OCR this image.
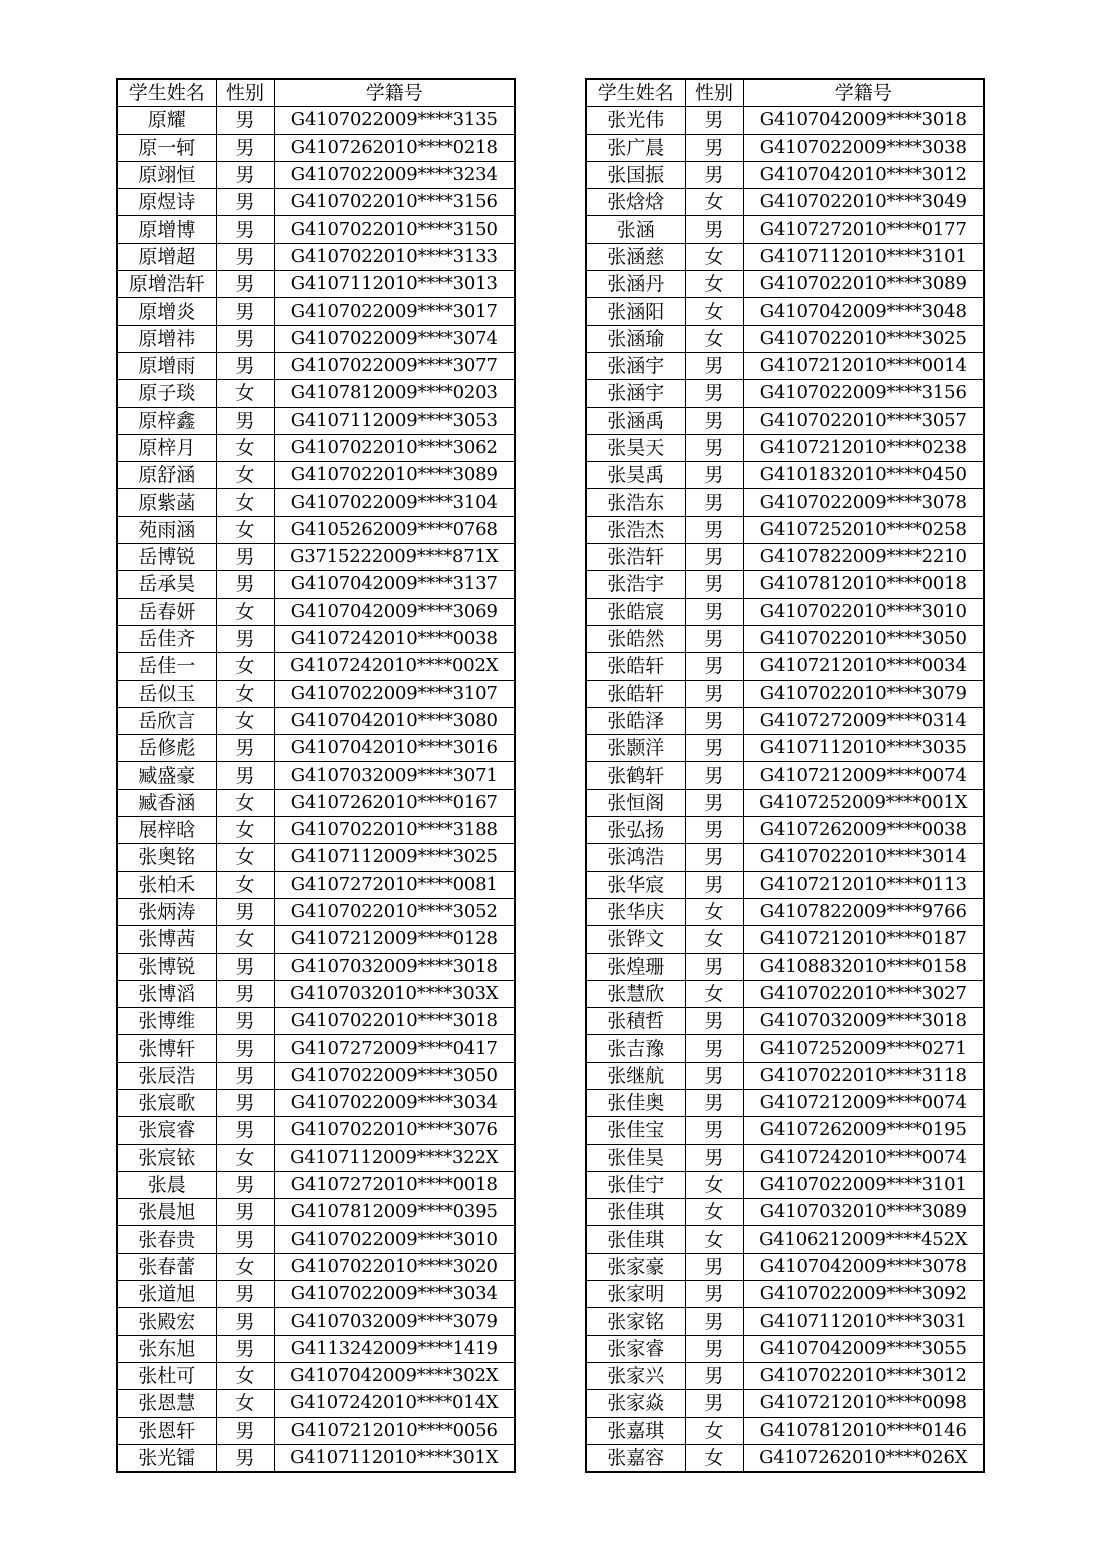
学生姓名	性别	学籍号
原耀	男	G4107022009****3135
原一轲	男	G4107262010****0218
原翊恒	男	G4107022009****3234
原煜诗	男	G4107022010****3156
原增博	男	G4107022010****3150
原增超	男	G4107022010****3133
原增浩轩	男	G4107112010****3013
原增炎	男	G4107022009****3017
原增祎	男	G4107022009****3074
原增雨	男	G4107022009****3077
原子琰	女	G4107812009****0203
原梓鑫	男	G4107112009****3053
原梓月	女	G4107022010****3062
原舒涵	女	G4107022010****3089
原紫菡	女	G4107022009****3104
苑雨涵	女	G4105262009****0768
岳博锐	男	G3715222009****871X
岳承昊	男	G4107042009****3137
岳春妍	女	G4107042009****3069
岳佳齐	男	G4107242010****0038
岳佳一	女	G4107242010****002X
岳似玉	女	G4107022009****3107
岳欣言	女	G4107042010****3080
岳修彪	男	G4107042010****3016
臧盛豪	男	G4107032009****3071
臧香涵	女	G4107262010****0167
展梓晗	女	G4107022010****3188
张奥铭	女	G4107112009****3025
张柏禾	女	G4107272010****0081
张炳涛	男	G4107022010****3052
张博茜	女	G4107212009****0128
张博锐	男	G4107032009****3018
张博滔	男	G4107032010****303X
张博维	男	G4107022010****3018
张博轩	男	G4107272009****0417
张辰浩	男	G4107022009****3050
张宸歌	男	G4107022009****3034
张宸睿	男	G4107022010****3076
张宸铱	女	G4107112009****322X
张晨	男	G4107272010****0018
张晨旭	男	G4107812009****0395
张春贵	男	G4107022009****3010
张春蕾	女	G4107022010****3020
张道旭	男	G4107022009****3034
张殿宏	男	G4107032009****3079
张东旭	男	G4113242009****1419
张杜可	女	G4107042009****302X
张恩慧	女	G4107242010****014X
张恩轩	男	G4107212010****0056
张光镭	男	G4107112010****301X
学生姓名	性别	学籍号
张光伟	男	G4107042009****3018
张广晨	男	G4107022009****3038
张国振	男	G4107042010****3012
张焓焓	女	G4107022010****3049
张涵	男	G4107272010****0177
张涵慈	女	G4107112010****3101
张涵丹	女	G4107022010****3089
张涵阳	女	G4107042009****3048
张涵瑜	女	G4107022010****3025
张涵宇	男	G4107212010****0014
张涵宇	男	G4107022009****3156
张涵禹	男	G4107022010****3057
张昊天	男	G4107212010****0238
张昊禹	男	G4101832010****0450
张浩东	男	G4107022009****3078
张浩杰	男	G4107252010****0258
张浩轩	男	G4107822009****2210
张浩宇	男	G4107812010****0018
张皓宸	男	G4107022010****3010
张皓然	男	G4107022010****3050
张皓轩	男	G4107212010****0034
张皓轩	男	G4107022010****3079
张皓泽	男	G4107272009****0314
张颢洋	男	G4107112010****3035
张鹤轩	男	G4107212009****0074
张恒阁	男	G4107252009****001X
张弘扬	男	G4107262009****0038
张鸿浩	男	G4107022010****3014
张华宸	男	G4107212010****0113
张华庆	女	G4107822009****9766
张铧文	女	G4107212010****0187
张煌珊	男	G4108832010****0158
张慧欣	女	G4107022010****3027
张積哲	男	G4107032009****3018
张吉豫	男	G4107252009****0271
张继航	男	G4107022010****3118
张佳奥	男	G4107212009****0074
张佳宝	男	G4107262009****0195
张佳昊	男	G4107242010****0074
张佳宁	女	G4107022009****3101
张佳琪	女	G4107032010****3089
张佳琪	女	G4106212009****452X
张家豪	男	G4107042009****3078
张家明	男	G4107022009****3092
张家铭	男	G4107112010****3031
张家睿	男	G4107042009****3055
张家兴	男	G4107022010****3012
张家焱	男	G4107212010****0098
张嘉琪	女	G4107812010****0146
张嘉容	女	G4107262010****026X
